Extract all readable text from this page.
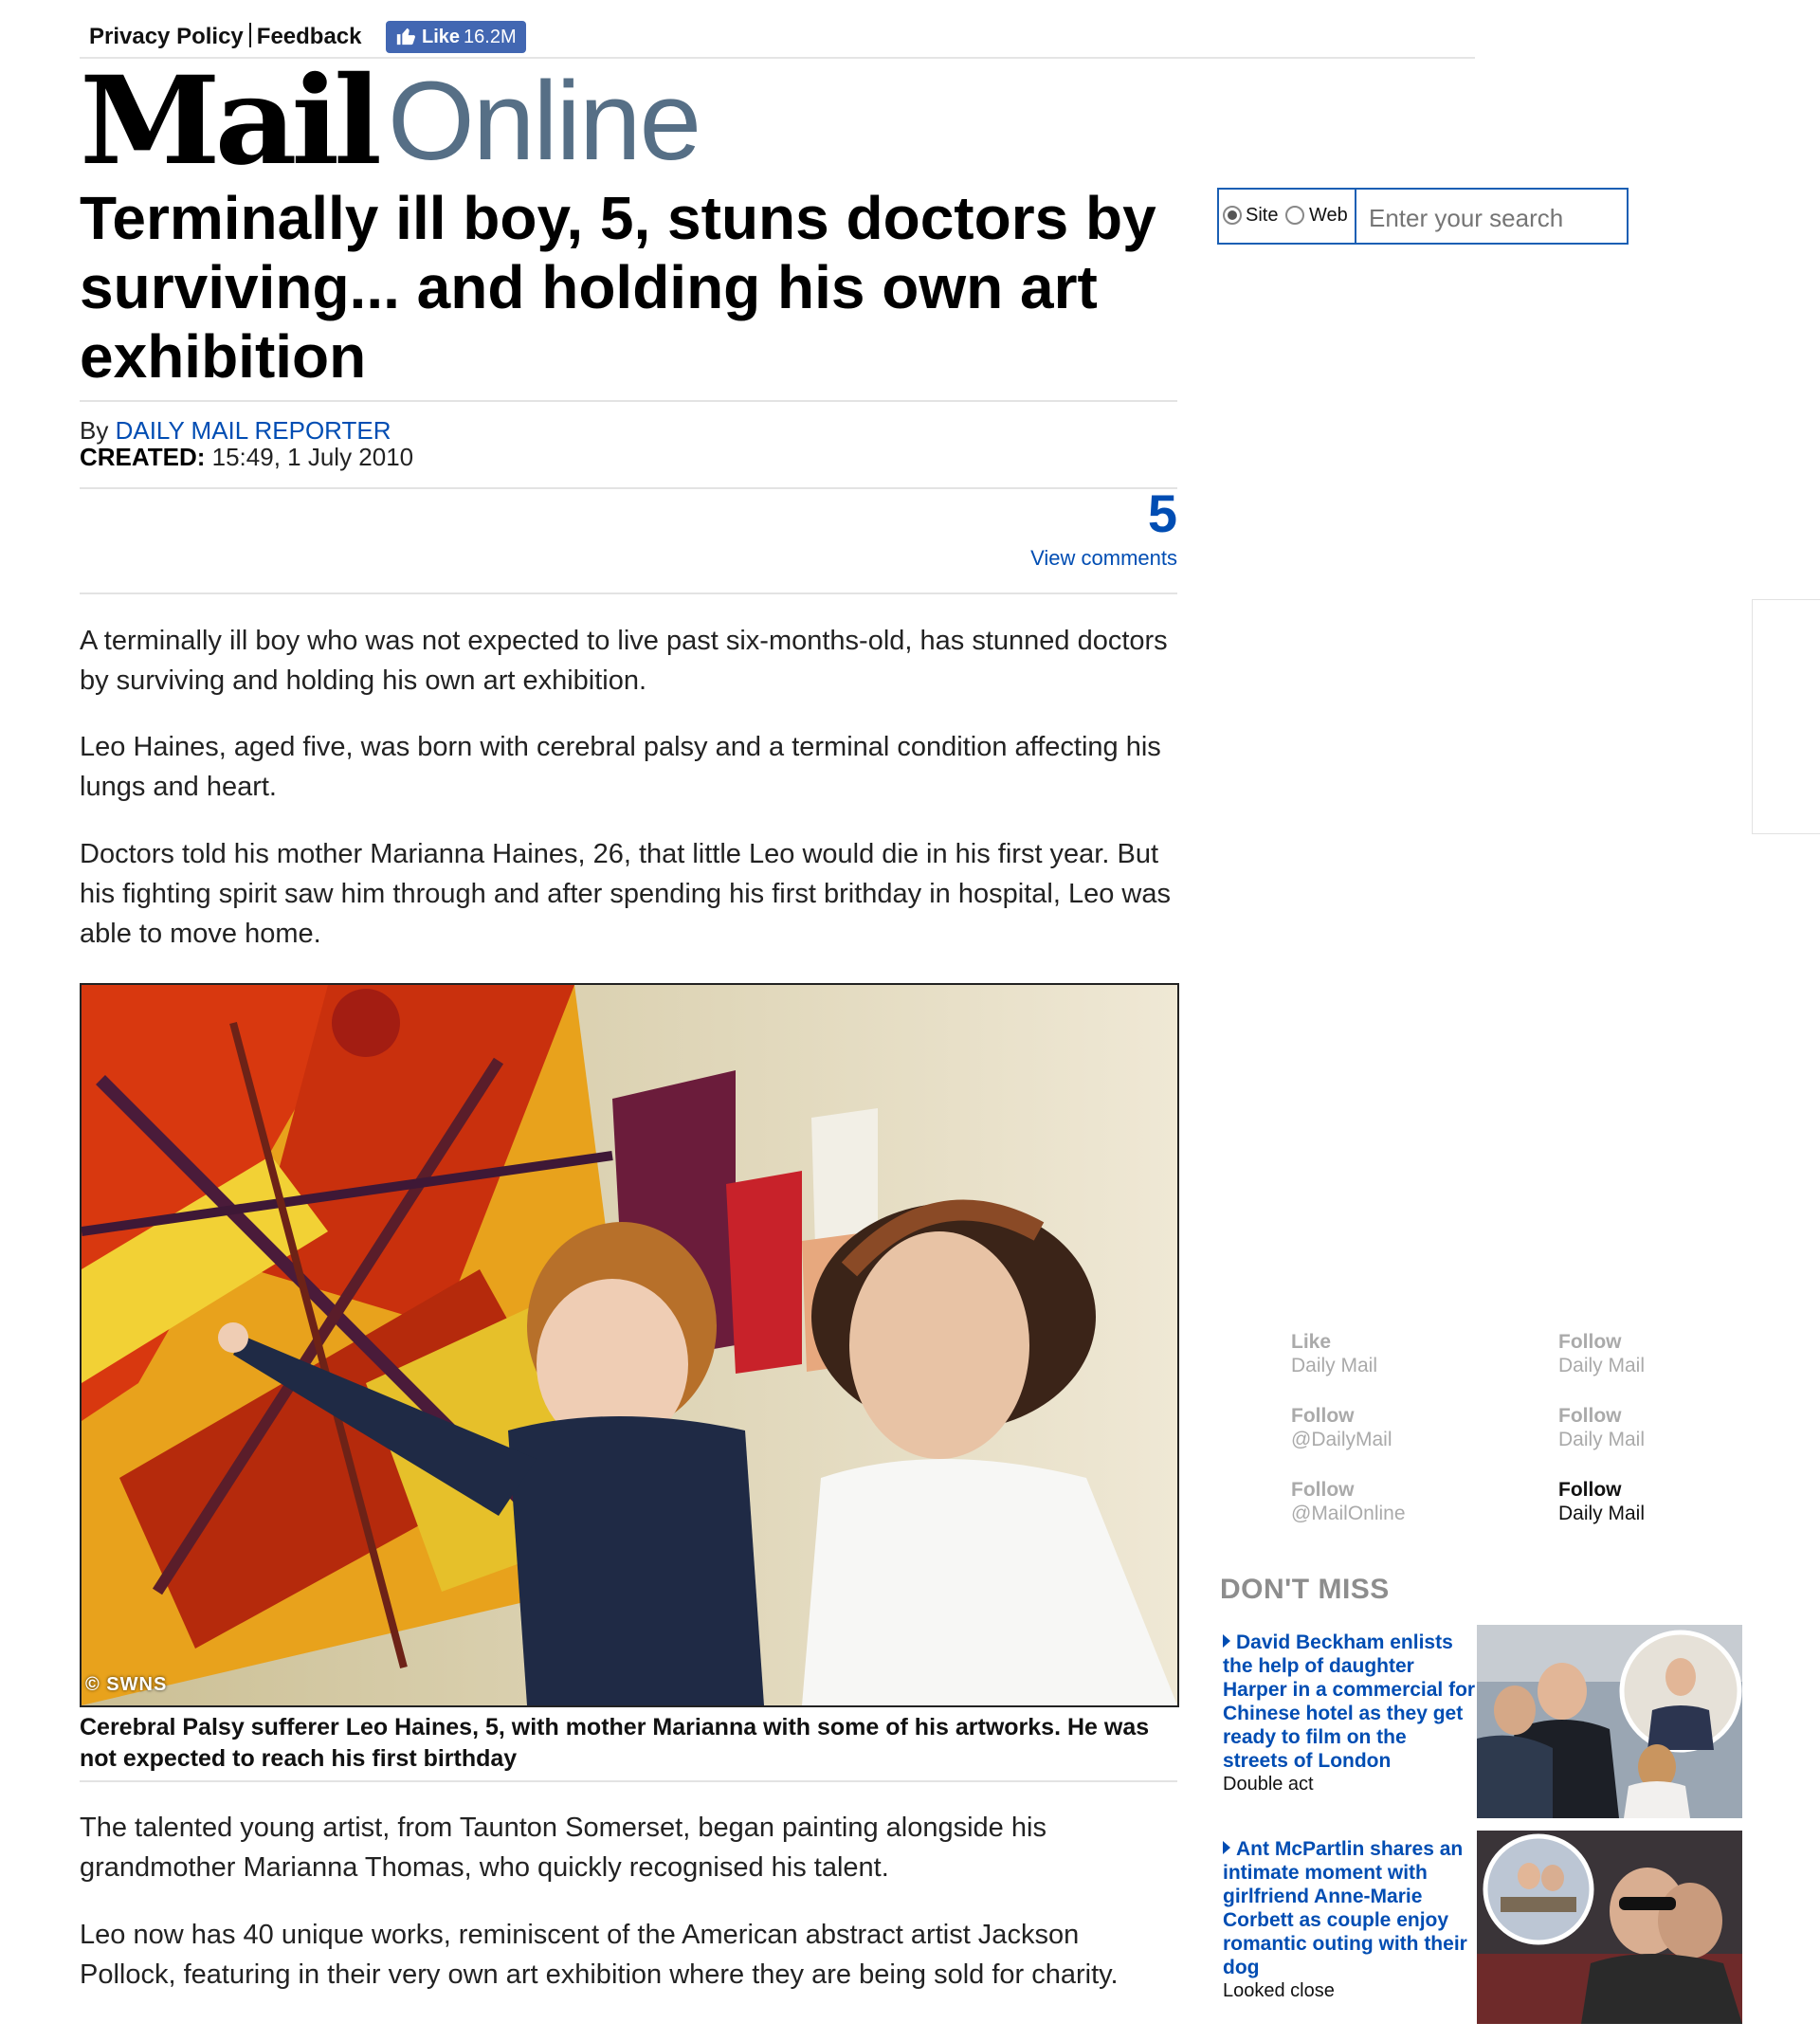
Privacy Policy Feedback	Like 16.2M
Mail Online
Terminally ill boy, 5, stuns doctors by surviving... and holding his own art exhibition
By DAILY MAIL REPORTER
CREATED: 15:49, 1 July 2010
5
View comments

A terminally ill boy who was not expected to live past six-months-old, has stunned doctors by surviving and holding his own art exhibition.

Leo Haines, aged five, was born with cerebral palsy and a terminal condition affecting his lungs and heart.

Doctors told his mother Marianna Haines, 26, that little Leo would die in his first year. But his fighting spirit saw him through and after spending his first brithday in hospital, Leo was able to move home.

© SWNS

Cerebral Palsy sufferer Leo Haines, 5, with mother Marianna with some of his artworks. He was not expected to reach his first birthday

The talented young artist, from Taunton Somerset, began painting alongside his grandmother Marianna Thomas, who quickly recognised his talent.

Leo now has 40 unique works, reminiscent of the American abstract artist Jackson Pollock, featuring in their very own art exhibition where they are being sold for charity.

Site Web
Enter your search
Like
Daily Mail
Follow
Daily Mail
Follow
@DailyMail
Follow
Daily Mail
Follow
@MailOnline
Follow
Daily Mail
DON'T MISS
David Beckham enlists the help of daughter Harper in a commercial for Chinese hotel as they get ready to film on the streets of London
Double act
Ant McPartlin shares an intimate moment with girlfriend Anne-Marie Corbett as couple enjoy romantic outing with their dog
Looked close
